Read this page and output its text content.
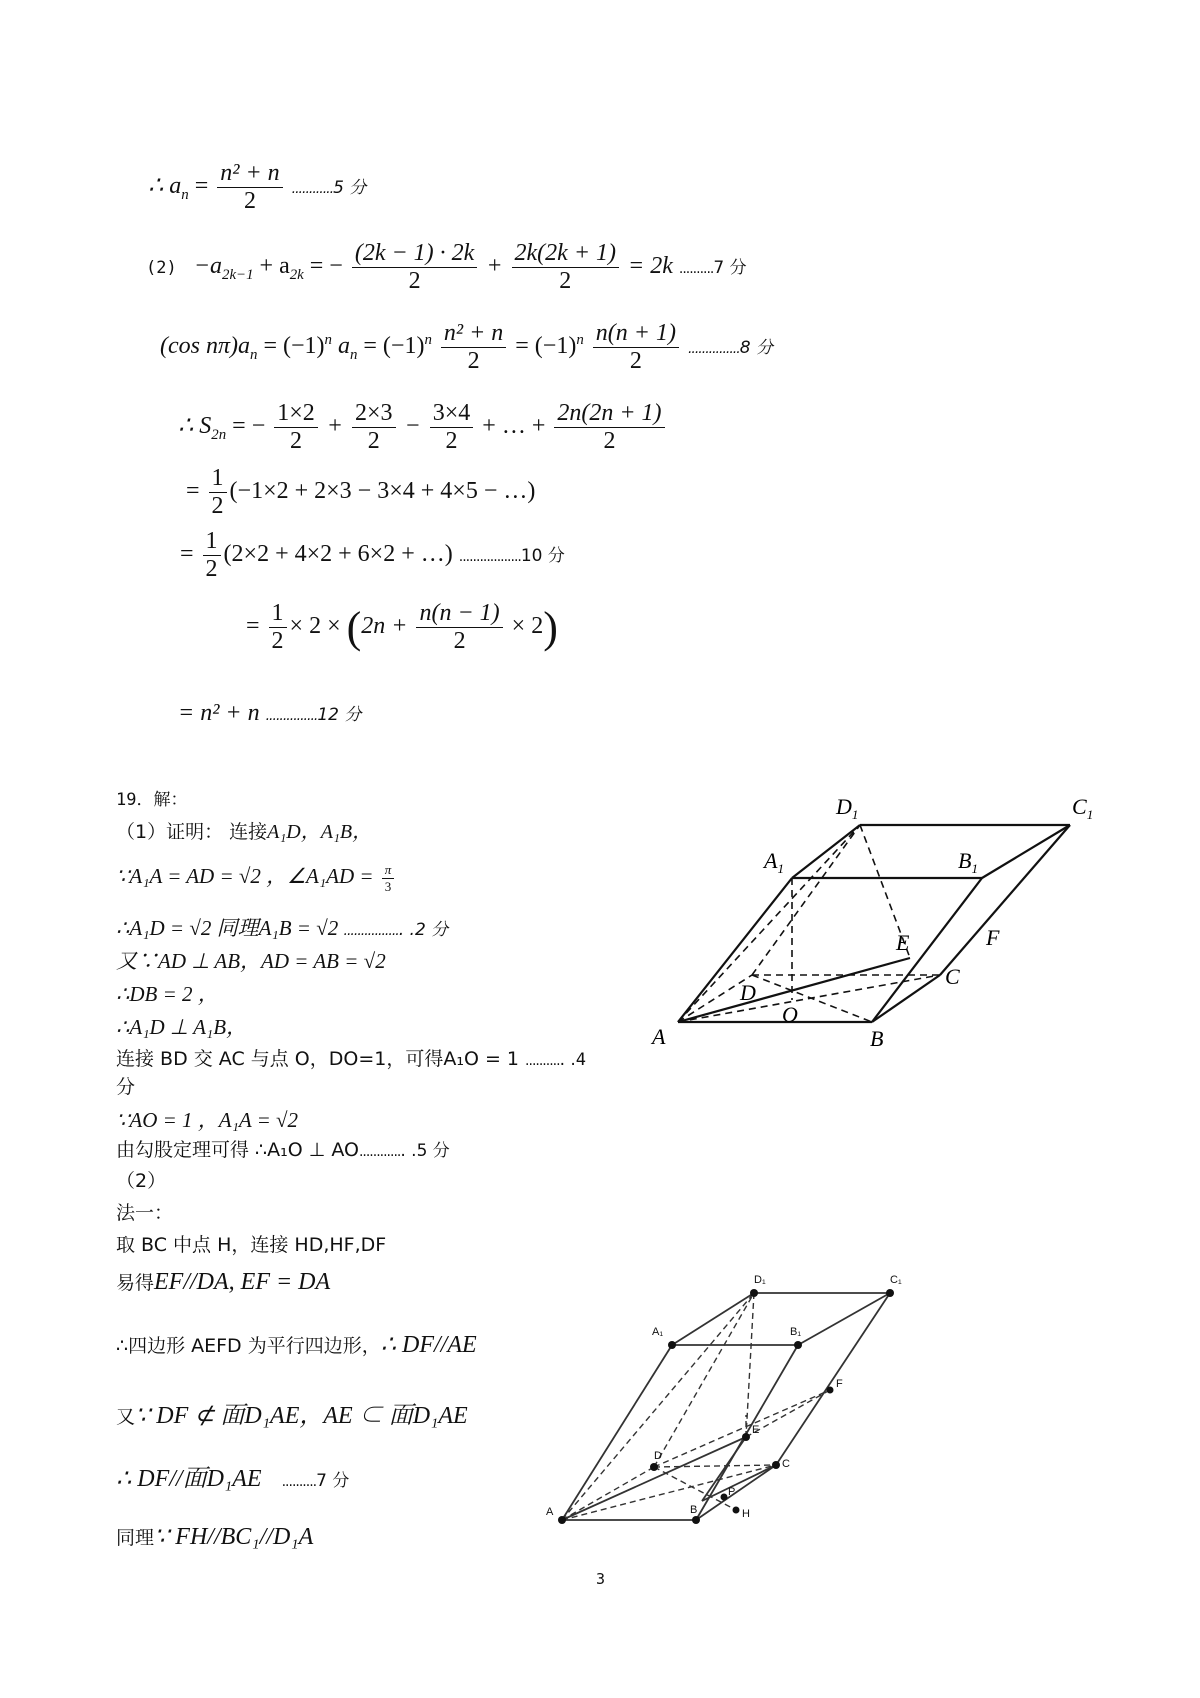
∴ $a_n = \frac{\text{n² + n}}{2} ............5$ 分
$(2) -a_{2k-1} + a_{2k}$ = − $\frac{(2k - 1) \cdot 2k}{2} + \frac{2k(2k + 1)}{2} = 2k$ ..........7 分
(cos $n\pi)a_n = (-1)^n$ $a_n = (-1)^n \frac{\text{n² + n}}{2} = (-1)^n \frac{n(n + 1)}{2} ...............8$ 分
∴ $S_{2n}$ = − $\frac{1\times 2}{2} + \frac{2\times 3}{2} - \frac{3\times 4}{2}$ + … + $\frac{2n(2n + 1)}{2}$
= $\frac{1}{2} (-1\times 2 + 2\times 3 - 3\times 4 + 4\times 5$ − …)
= $\frac{1}{2} (2\times 2 + 4\times 2 + 6\times 2$ + …) ..................10 分
= $\frac{1}{2} \times 2 \times (2n + \frac{n(n - 1)}{2} \times 2)$
= n² + n ...............12 分
19．解：
（1）证明： 连接A₁D，A₁B，
∵A₁A = AD = √2 ，∠A₁AD = $\frac{\pi}{3}$
∴A₁D = √2 同理A₁B = √2 ................. .2 分
又∵AD ⊥ AB，AD = AB = √2
∴DB = 2 ，
∴A₁D ⊥ A₁B，
连接 BD 交 AC 与点 O，DO=1，可得A₁O = 1 ........... .4
分
∵AO = 1 ，A₁A = √2
由勾股定理可得 ∴A₁O ⊥ AO............. .5 分
（2）
法一：
取 BC 中点 H，连接 HD,HF,DF
易得EF//DA, EF = DA
∴四边形 AEFD 为平行四边形，∴ DF//AE
又∵ DF ⊄ 面D₁AE，AE ⊂ 面D₁AE
∴ DF//面D₁AE ..........7 分
同理∵ FH//BC₁//D₁A
$D_1$	$C_1$
$A_1$	$B_1$
E	F
D
C
O
A	B
D₁	C₁
A₁	B₁
F
E
D
C
P
H
A	B
3
